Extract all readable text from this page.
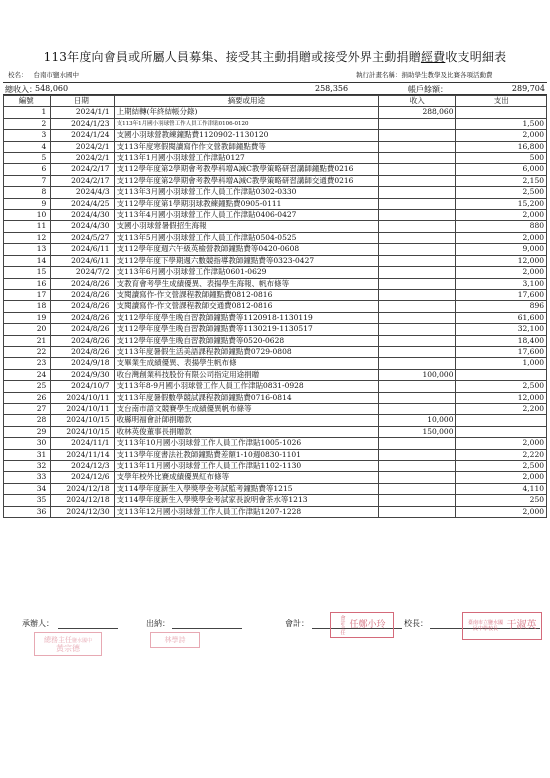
113年度向會員或所屬人員募集、接受其主動捐贈或接受外界主動捐贈經費收支明細表
校名： 台南市鹽水國中	執行計畫名稱：捐助學生教學及比賽各項活動費
總收入：
548,060	258,356	帳戶餘額：	289,704
編號	日期	摘要或用途	收入	支出
1	2024/1/1	上期結轉(年終結帳分錄)	288,060	
2	2024/1/23	支113年1月國小羽球營工作人員工作津貼0106-0120		1,500
3	2024/1/24	支國小羽球營教練鐘點費1120902-1130120		2,000
4	2024/2/1	支113年度寒假閱讀寫作作文營教師鐘點費等		16,800
5	2024/2/1	支113年1月國小羽球營工作津貼0127		500
6	2024/2/17	支112學年度第2學期會考教學科增A減C教學策略研習講師鐘點費0216		6,000
7	2024/2/17	支112學年度第2學期會考教學科增A減C教學策略研習講師交通費0216		2,150
8	2024/4/3	支113年3月國小羽球營工作人員工作津貼0302-0330		2,500
9	2024/4/25	支112學年度第1學期羽球教練鐘點費0905-0111		15,200
10	2024/4/30	支113年4月國小羽球營工作人員工作津貼0406-0427		2,000
11	2024/4/30	支國小羽球營暑假招生海報		880
12	2024/5/27	支113年5月國小羽球營工作人員工作津貼0504-0525		2,000
13	2024/6/11	支112學年度週六午級英檢營教師鐘點費等0420-0608		9,000
14	2024/6/11	支112學年度下學期週六數競指導教師鐘點費等0323-0427		12,000
15	2024/7/2	支113年6月國小羽球營工作津貼0601-0629		2,000
16	2024/8/26	支教育會考學生成績優異、表揚學生海報、帆布條等		3,100
17	2024/8/26	支閱讀寫作-作文營課程教師鐘點費0812-0816		17,600
18	2024/8/26	支閱讀寫作-作文營課程教師交通費0812-0816		896
19	2024/8/26	支112學年度學生晚自習教師鐘點費等1120918-1130119		61,600
20	2024/8/26	支112學年度學生晚自習教師鐘點費等1130219-1130517		32,100
21	2024/8/26	支112學年度學生晚自習教師鐘點費等0520-0628		18,400
22	2024/8/26	支113年度暑假生活美語課程教師鐘點費0729-0808		17,600
23	2024/9/18	支畢業生成績優異、表揚學生帆布條		1,000
24	2024/9/30	收台灣創業科技股份有限公司指定用途捐贈	100,000	
25	2024/10/7	支113年8-9月國小羽球營工作人員工作津貼0831-0928		2,500
26	2024/10/11	支113年度暑假數學競試課程教師鐘點費0716-0814		12,000
27	2024/10/11	支台南市語文競賽學生成績優異帆布條等		2,200
28	2024/10/15	收縣明福會計師捐贈款	10,000	
29	2024/10/15	收林英俊董事長捐贈款	150,000	
30	2024/11/1	支113年10月國小羽球營工作人員工作津貼1005-1026		2,000
31	2024/11/14	支113學年度書法社教師鐘點費差額1-10週0830-1101		2,220
32	2024/12/3	支113年11月國小羽球營工作人員工作津貼1102-1130		2,500
33	2024/12/6	支學年校外比賽成績優異紅布條等		2,000
34	2024/12/18	支114學年度新生入學獎學金考試監考鐘點費等1215		4,110
35	2024/12/18	支114學年度新生入學獎學金考試家長說明會茶水等1213		250
36	2024/12/30	支113年12月國小羽球營工作人員工作津貼1207-1228		2,000
承辦人：	出納：	會計：	校長：
總務主任鹽水國中
黃宗德
林學詩
會計主任 任鄭小玲	臺南市立鹽水國民中學校長 于淑英
